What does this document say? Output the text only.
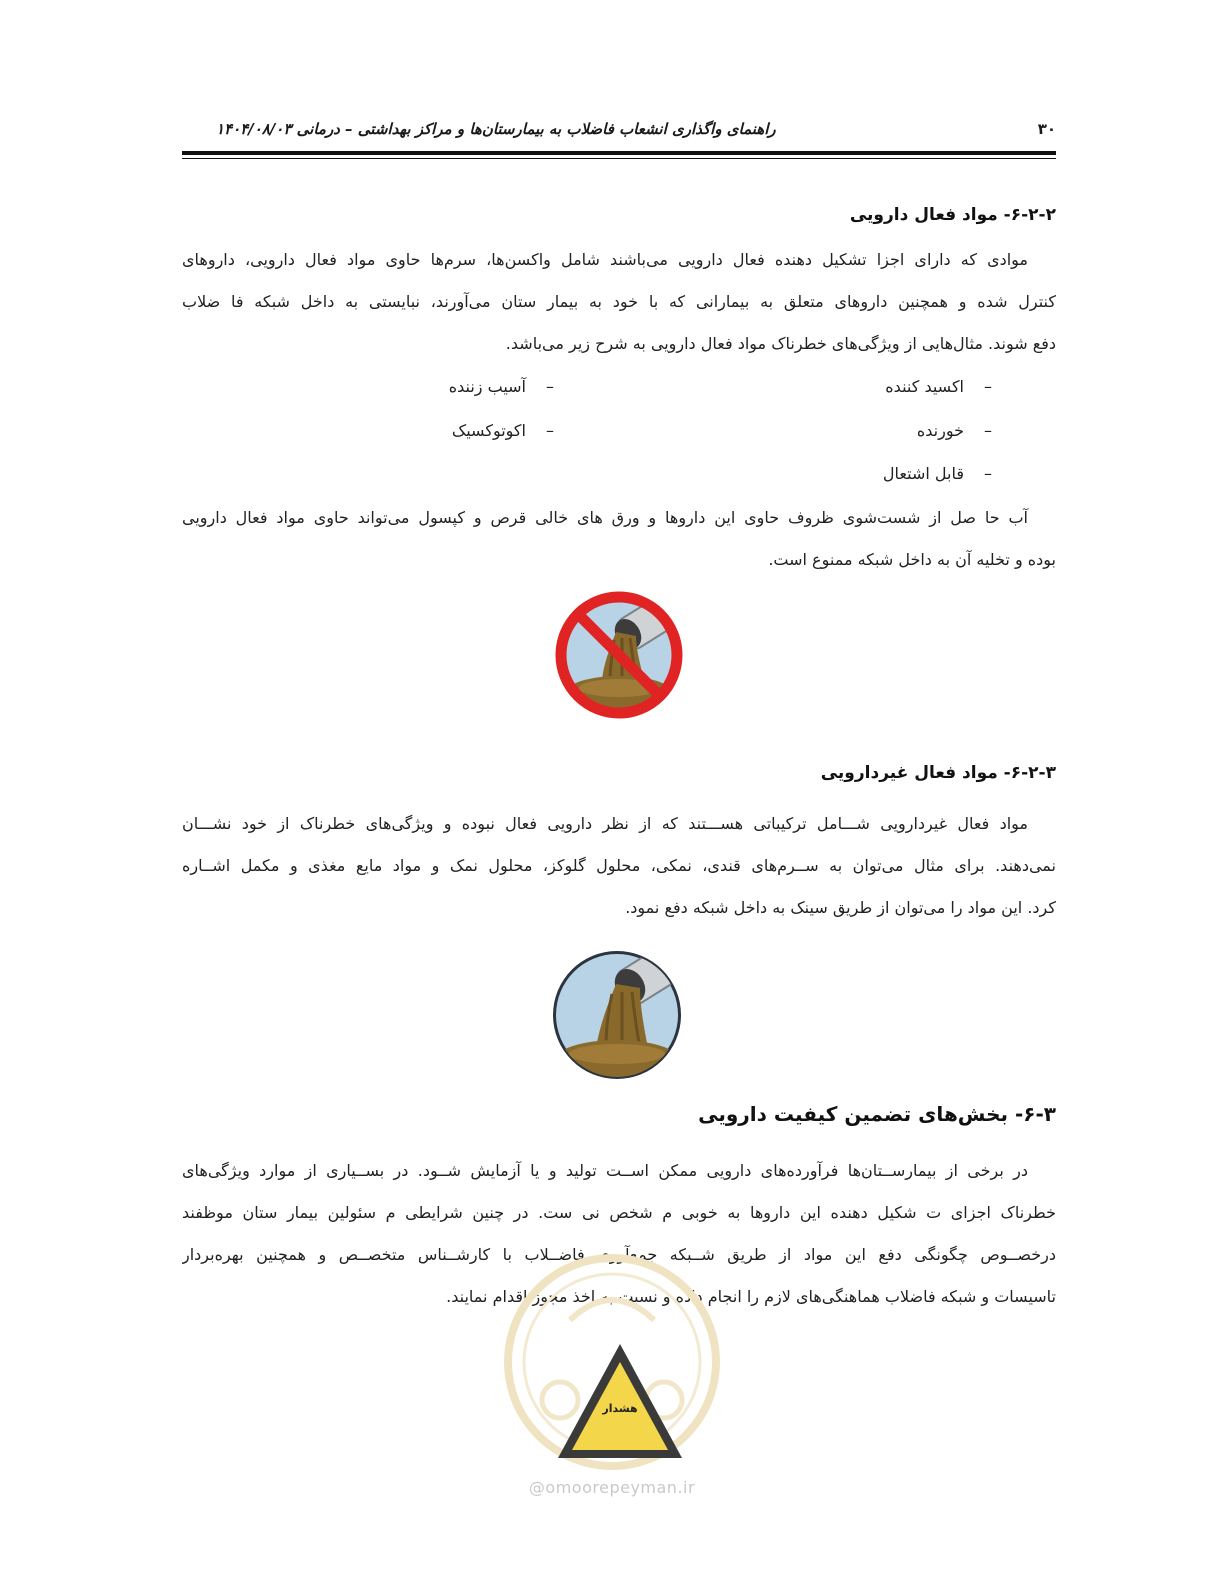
۳۰
راهنمای واگذاری انشعاب فاضلاب به بیمارستان‌ها و مراکز بهداشتی – درمانی ۱۴۰۴/۰۸/۰۳
۶-۲-۲- مواد فعال دارویی
موادی که دارای اجزا تشکیل دهنده فعال دارویی می‌باشند شامل واکسن‌ها، سرم‌ها حاوی مواد فعال دارویی، داروهای
کنترل شده و همچنین داروهای متعلق به بیمارانی که با خود به بیمار ستان می‌آورند، نبایستی به داخل شبکه فا ضلاب
دفع شوند. مثال‌هایی از ویژگی‌های خطرناک مواد فعال دارویی به شرح زیر می‌باشد.
–اکسید کننده
–آسیب زننده
–خورنده
–اکوتوکسیک
–قابل اشتعال
آب حا صل از شست‌شوی ظروف حاوی این داروها و ورق های خالی قرص و کپسول می‌تواند حاوی مواد فعال دارویی
بوده و تخلیه آن به داخل شبکه ممنوع است.
۶-۲-۳- مواد فعال غیردارویی
مواد فعال غیردارویی شـــامل ترکیباتی هســـتند که از نظر دارویی فعال نبوده و ویژگی‌های خطرناک از خود نشـــان
نمی‌دهند. برای مثال می‌توان به ســرم‌های قندی، نمکی، محلول گلوکز، محلول نمک و مواد مایع مغذی و مکمل اشــاره
کرد. این مواد را می‌توان از طریق سینک به داخل شبکه دفع نمود.
۶-۳- بخش‌های تضمین کیفیت دارویی
در برخی از بیمارســتان‌ها فرآورده‌های دارویی ممکن اســت تولید و یا آزمایش شــود. در بســیاری از موارد ویژگی‌های
خطرناک اجزای ت شکیل دهنده این داروها به خوبی م شخص نی ست. در چنین شرایطی م سئولین بیمار ستان موظفند
درخصــوص چگونگی دفع این مواد از طریق شــبکه جمع‌آوری فاضــلاب با کارشــناس متخصــص و همچنین بهره‌بردار
تاسیسات و شبکه فاضلاب هماهنگی‌های لازم را انجام داده و نسبت به اخذ مجوز اقدام نمایند.
هشدار
@omoorepeyman.ir
